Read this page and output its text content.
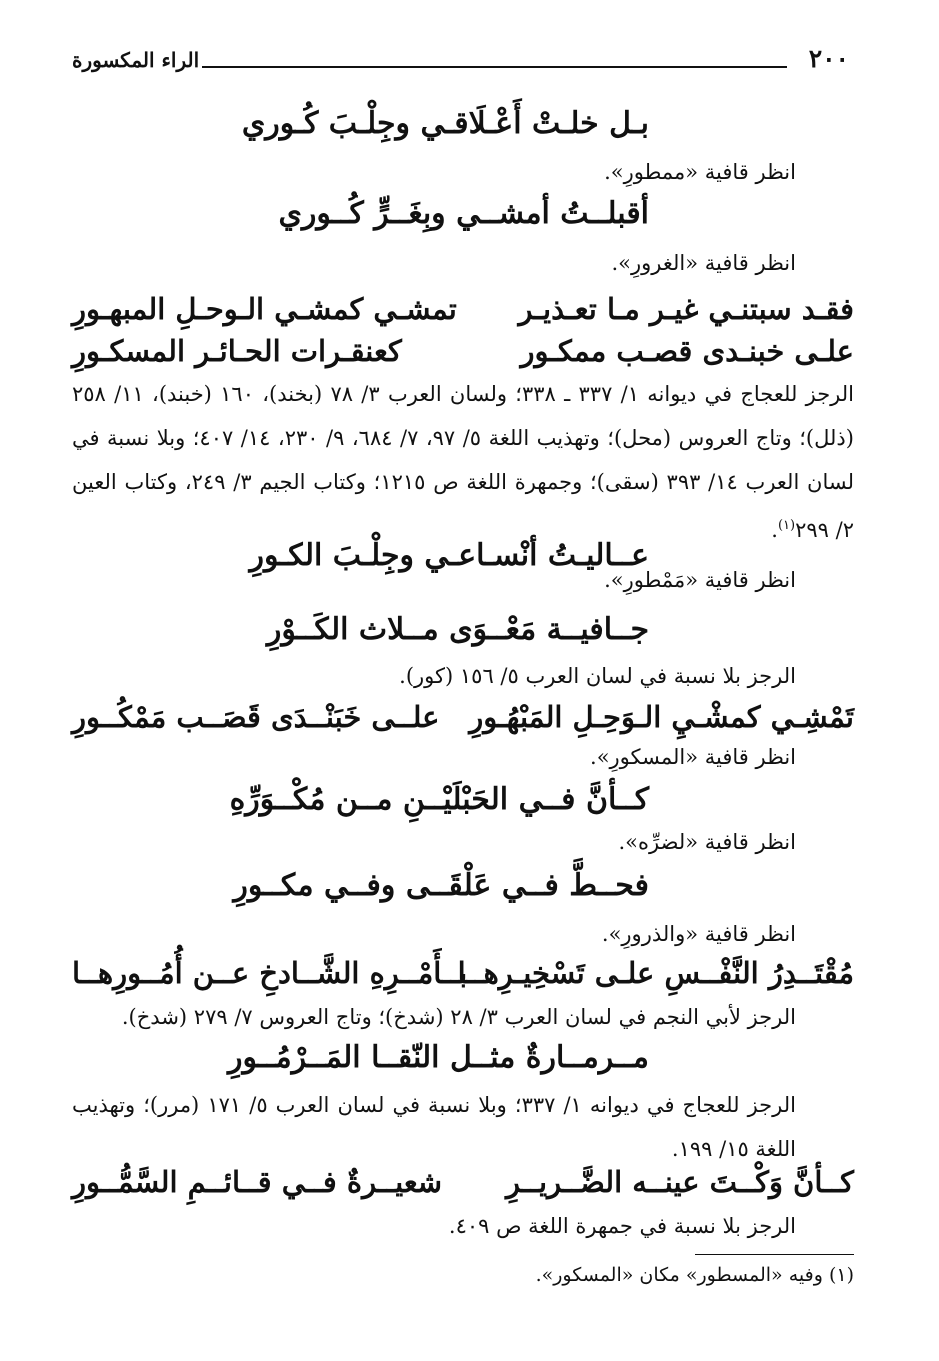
٢٠٠
الراء المكسورة
بـل خلـتْ أَعْـلَاقـي وجِلْـبَ كُـوري
انظر قافية «ممطورِ».
أقبلــتُ أمشــي وبِغَــرٍّ كُــوري
انظر قافية «الغرورِ».
فقـد سبتنـي غيـر مـا تعـذيـر
تمشـي كمشـي الـوحـلِ المبهـورِ
علـى خبنـدى قصـب ممكـور
كعنقـرات الحـائـر المسكـورِ
الرجز للعجاج في ديوانه ١/ ٣٣٧ ـ ٣٣٨؛ ولسان العرب ٣/ ٧٨ (بخند)، ١٦٠ (خبند)، ١١/ ٢٥٨ (ذلل)؛ وتاج العروس (محل)؛ وتهذيب اللغة ٥/ ٩٧، ٧/ ٦٨٤، ٩/ ٢٣٠، ١٤/ ٤٠٧؛ وبلا نسبة في لسان العرب ١٤/ ٣٩٣ (سقى)؛ وجمهرة اللغة ص ١٢١٥؛ وكتاب الجيم ٣/ ٢٤٩، وكتاب العين ٢/ ٢٩٩$^{(١)}$.
عــاليـتُ أنْسـاعـي وجِلْـبَ الكـورِ
انظر قافية «مَمْطورِ».
جــافيــة مَعْــوَى مــلاث الكَــوْرِ
الرجز بلا نسبة في لسان العرب ٥/ ١٥٦ (كور).
تَمْشِـي كمشْـيِ الـوَحِـلِ المَبْهُـورِ
علــى خَبَنْــدَى قَصَــب مَمْكُــورِ
انظر قافية «المسكورِ».
كــأنَّ فــي الحَبْلَيْــنِ مــن مُكْــوَرِّهِ
انظر قافية «لضرِّه».
فحــطَّ فــي عَلْقَــى وفــي مكــورِ
انظر قافية «والذرورِ».
مُقْتَــدِرُ النَّفْــسِ علـى تَسْخِيـرِهــا
بــأَمْــرِهِ الشَّــادخِ عــن أُمُــورِهــا
الرجز لأبي النجم في لسان العرب ٣/ ٢٨ (شدخ)؛ وتاج العروس ٧/ ٢٧٩ (شدخ).
مــرمــارةٌ مثــل النّقــا المَــرْمُــورِ
الرجز للعجاج في ديوانه ١/ ٣٣٧؛ وبلا نسبة في لسان العرب ٥/ ١٧١ (مرر)؛ وتهذيب اللغة ١٥/ ١٩٩.
كــأنَّ وَكْــتَ عينــه الضَّــريــرِ
شعيــرةٌ فــي قــائــمِ السَّمُّــورِ
الرجز بلا نسبة في جمهرة اللغة ص ٤٠٩.
(١) وفيه «المسطور» مكان «المسكور».
